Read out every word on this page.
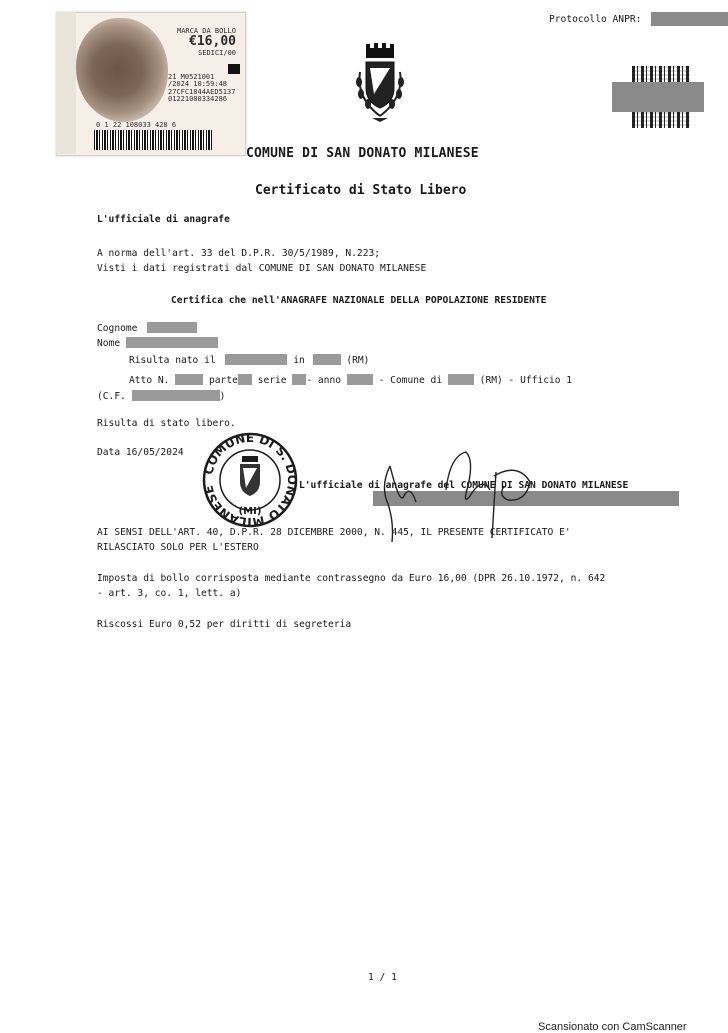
MARCA DA BOLLO
€16,00
SEDICI/00
21 M0521001
/2024 10:59:48
27CFC1844AED5137
01221080334286
0 1 22 108033 428 6
Protocollo ANPR:
COMUNE DI SAN DONATO MILANESE
Certificato di Stato Libero
L'ufficiale di anagrafe
A norma dell'art. 33 del D.P.R. 30/5/1989, N.223;
Visti i dati registrati dal COMUNE DI SAN DONATO MILANESE
Certifica che nell'ANAGRAFE NAZIONALE DELLA POPOLAZIONE RESIDENTE
Cognome
Nome
Risulta nato il	in	(RM)
Atto N.	parte serie - anno	- Comune di	(RM) - Ufficio 1
(C.F.	)
Risulta di stato libero.
Data 16/05/2024
COMUNE DI S. DONATO MILANESE
(MI)
L'ufficiale di anagrafe del COMUNE DI SAN DONATO MILANESE
AI SENSI DELL'ART. 40, D.P.R. 28 DICEMBRE 2000, N. 445, IL PRESENTE CERTIFICATO E'
RILASCIATO SOLO PER L'ESTERO
Imposta di bollo corrisposta mediante contrassegno da Euro 16,00 (DPR 26.10.1972, n. 642
- art. 3, co. 1, lett. a)
Riscossi Euro 0,52 per diritti di segreteria
1 / 1
Scansionato con CamScanner
